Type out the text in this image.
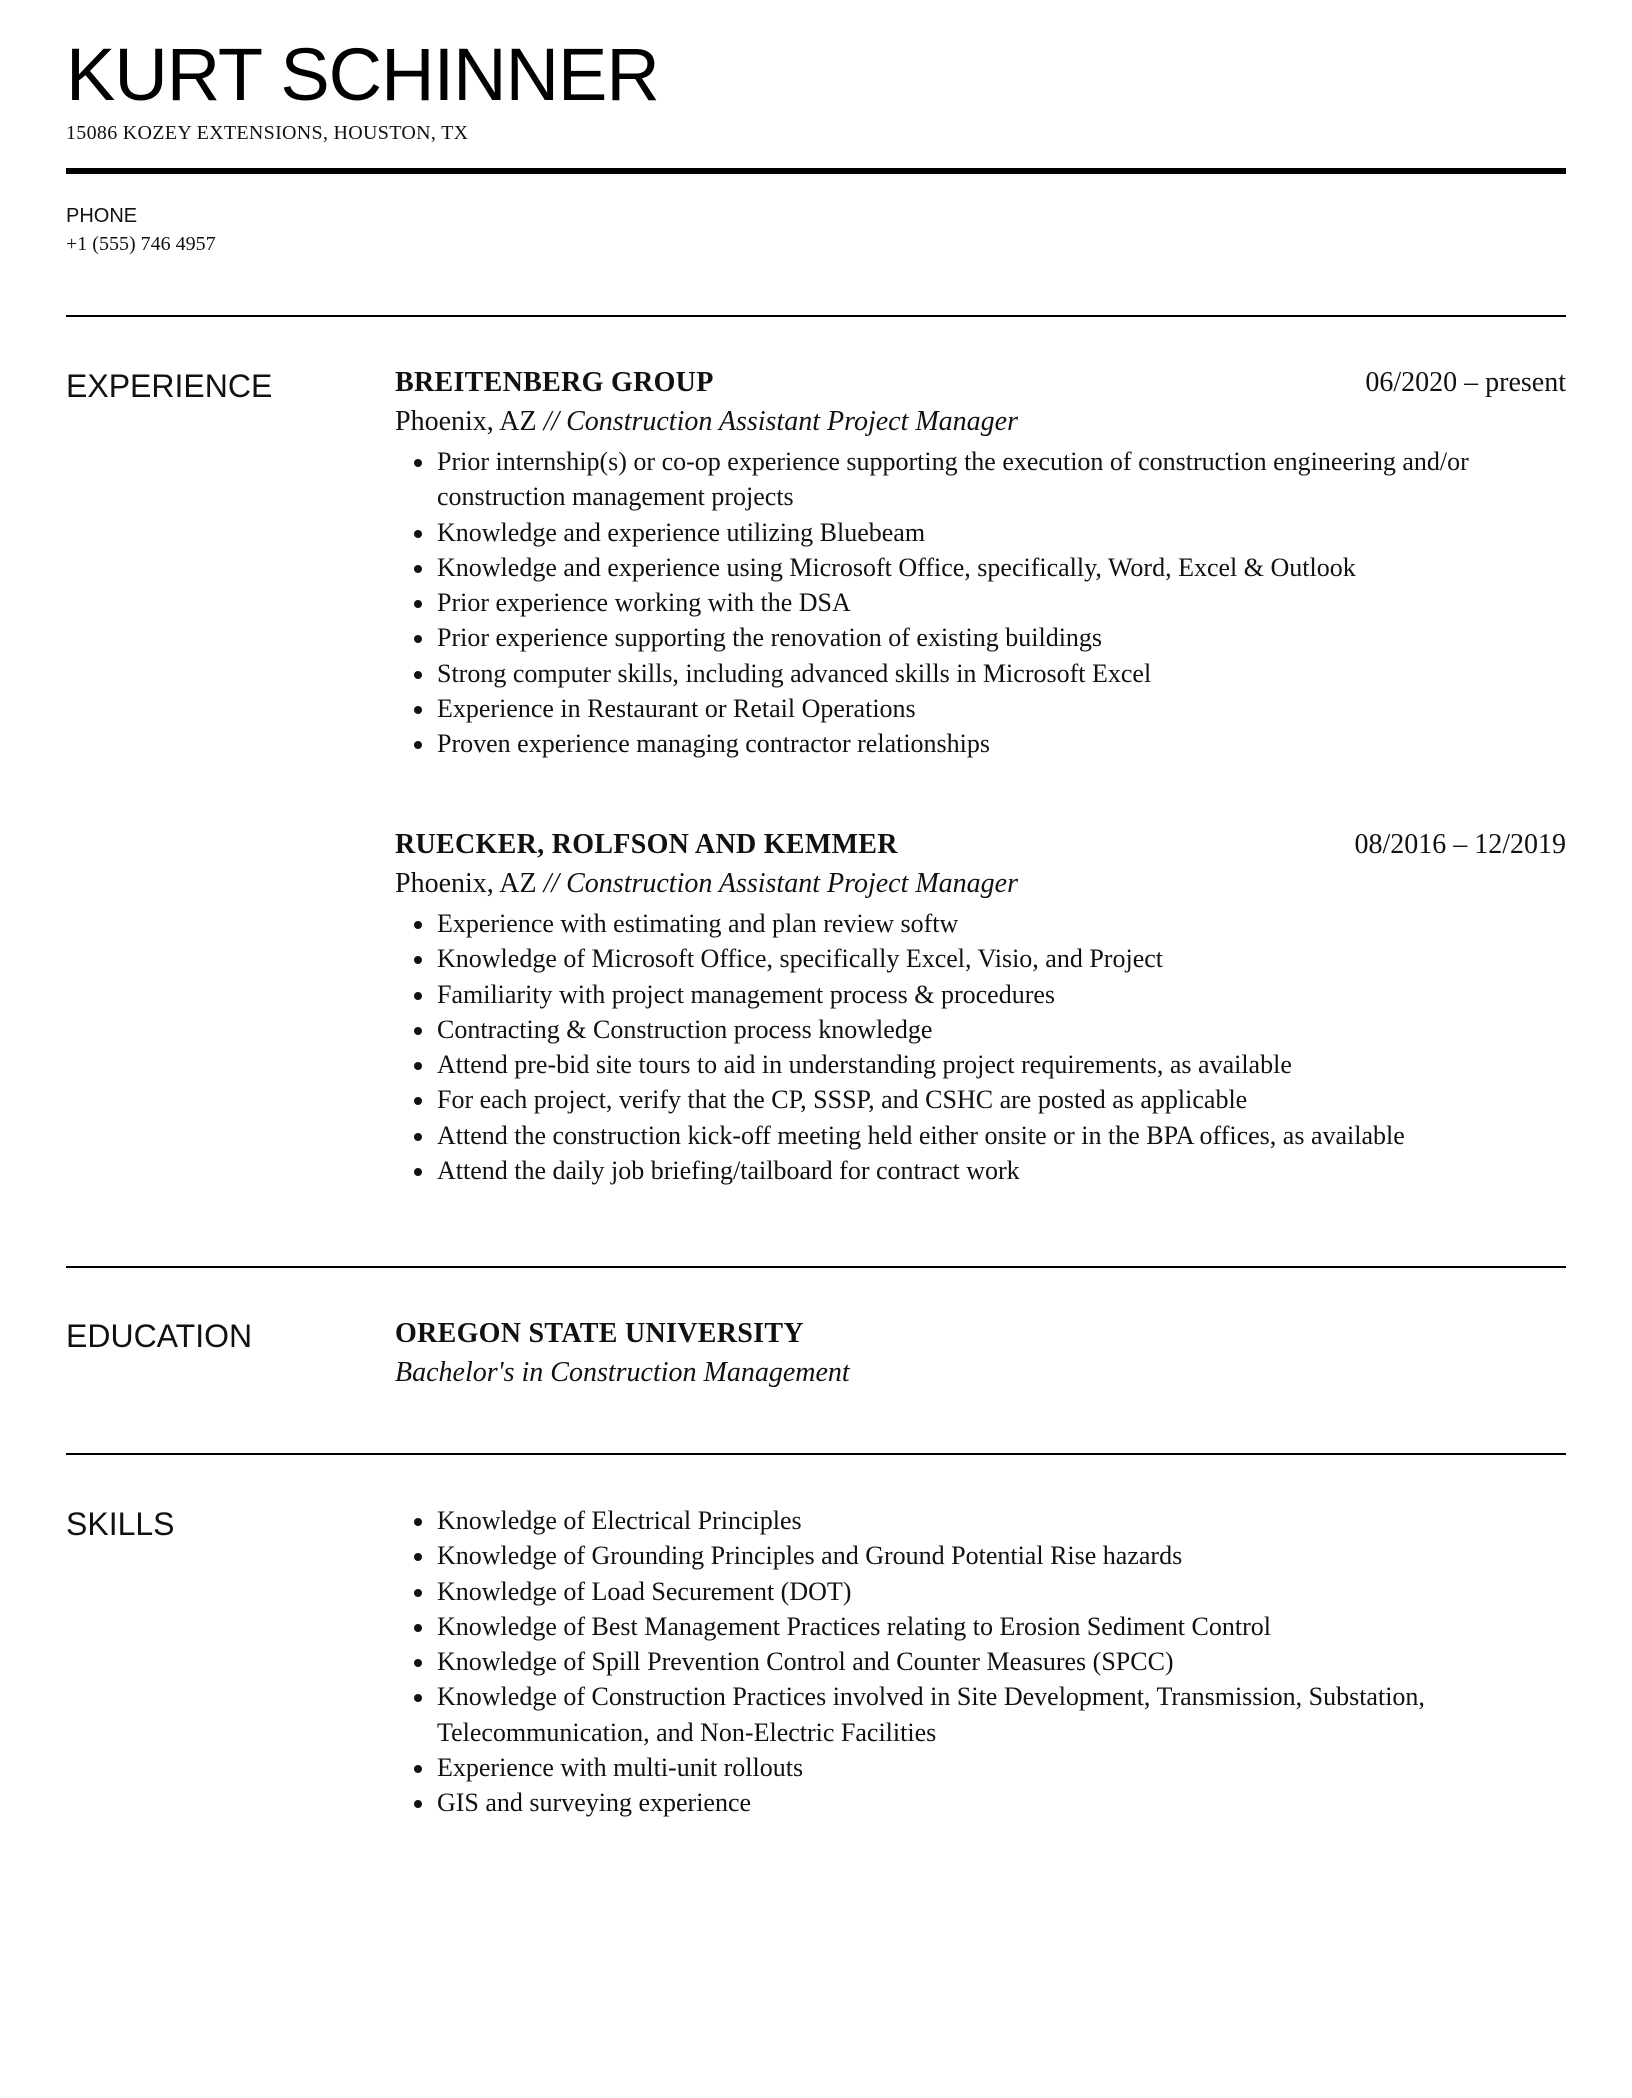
KURT SCHINNER
15086 KOZEY EXTENSIONS, HOUSTON, TX
PHONE
+1 (555) 746 4957
EXPERIENCE	BREITENBERG GROUP	06/2020 – present
Phoenix, AZ // Construction Assistant Project Manager
Prior internship(s) or co-op experience supporting the execution of construction engineering and/or construction management projects
Knowledge and experience utilizing Bluebeam
Knowledge and experience using Microsoft Office, specifically, Word, Excel & Outlook
Prior experience working with the DSA
Prior experience supporting the renovation of existing buildings
Strong computer skills, including advanced skills in Microsoft Excel
Experience in Restaurant or Retail Operations
Proven experience managing contractor relationships
RUECKER, ROLFSON AND KEMMER	08/2016 – 12/2019
Phoenix, AZ // Construction Assistant Project Manager
Experience with estimating and plan review softw
Knowledge of Microsoft Office, specifically Excel, Visio, and Project
Familiarity with project management process & procedures
Contracting & Construction process knowledge
Attend pre-bid site tours to aid in understanding project requirements, as available
For each project, verify that the CP, SSSP, and CSHC are posted as applicable
Attend the construction kick-off meeting held either onsite or in the BPA offices, as available
Attend the daily job briefing/tailboard for contract work
EDUCATION	OREGON STATE UNIVERSITY
Bachelor's in Construction Management
SKILLS	Knowledge of Electrical Principles
Knowledge of Grounding Principles and Ground Potential Rise hazards
Knowledge of Load Securement (DOT)
Knowledge of Best Management Practices relating to Erosion Sediment Control
Knowledge of Spill Prevention Control and Counter Measures (SPCC)
Knowledge of Construction Practices involved in Site Development, Transmission, Substation, Telecommunication, and Non-Electric Facilities
Experience with multi-unit rollouts
GIS and surveying experience
